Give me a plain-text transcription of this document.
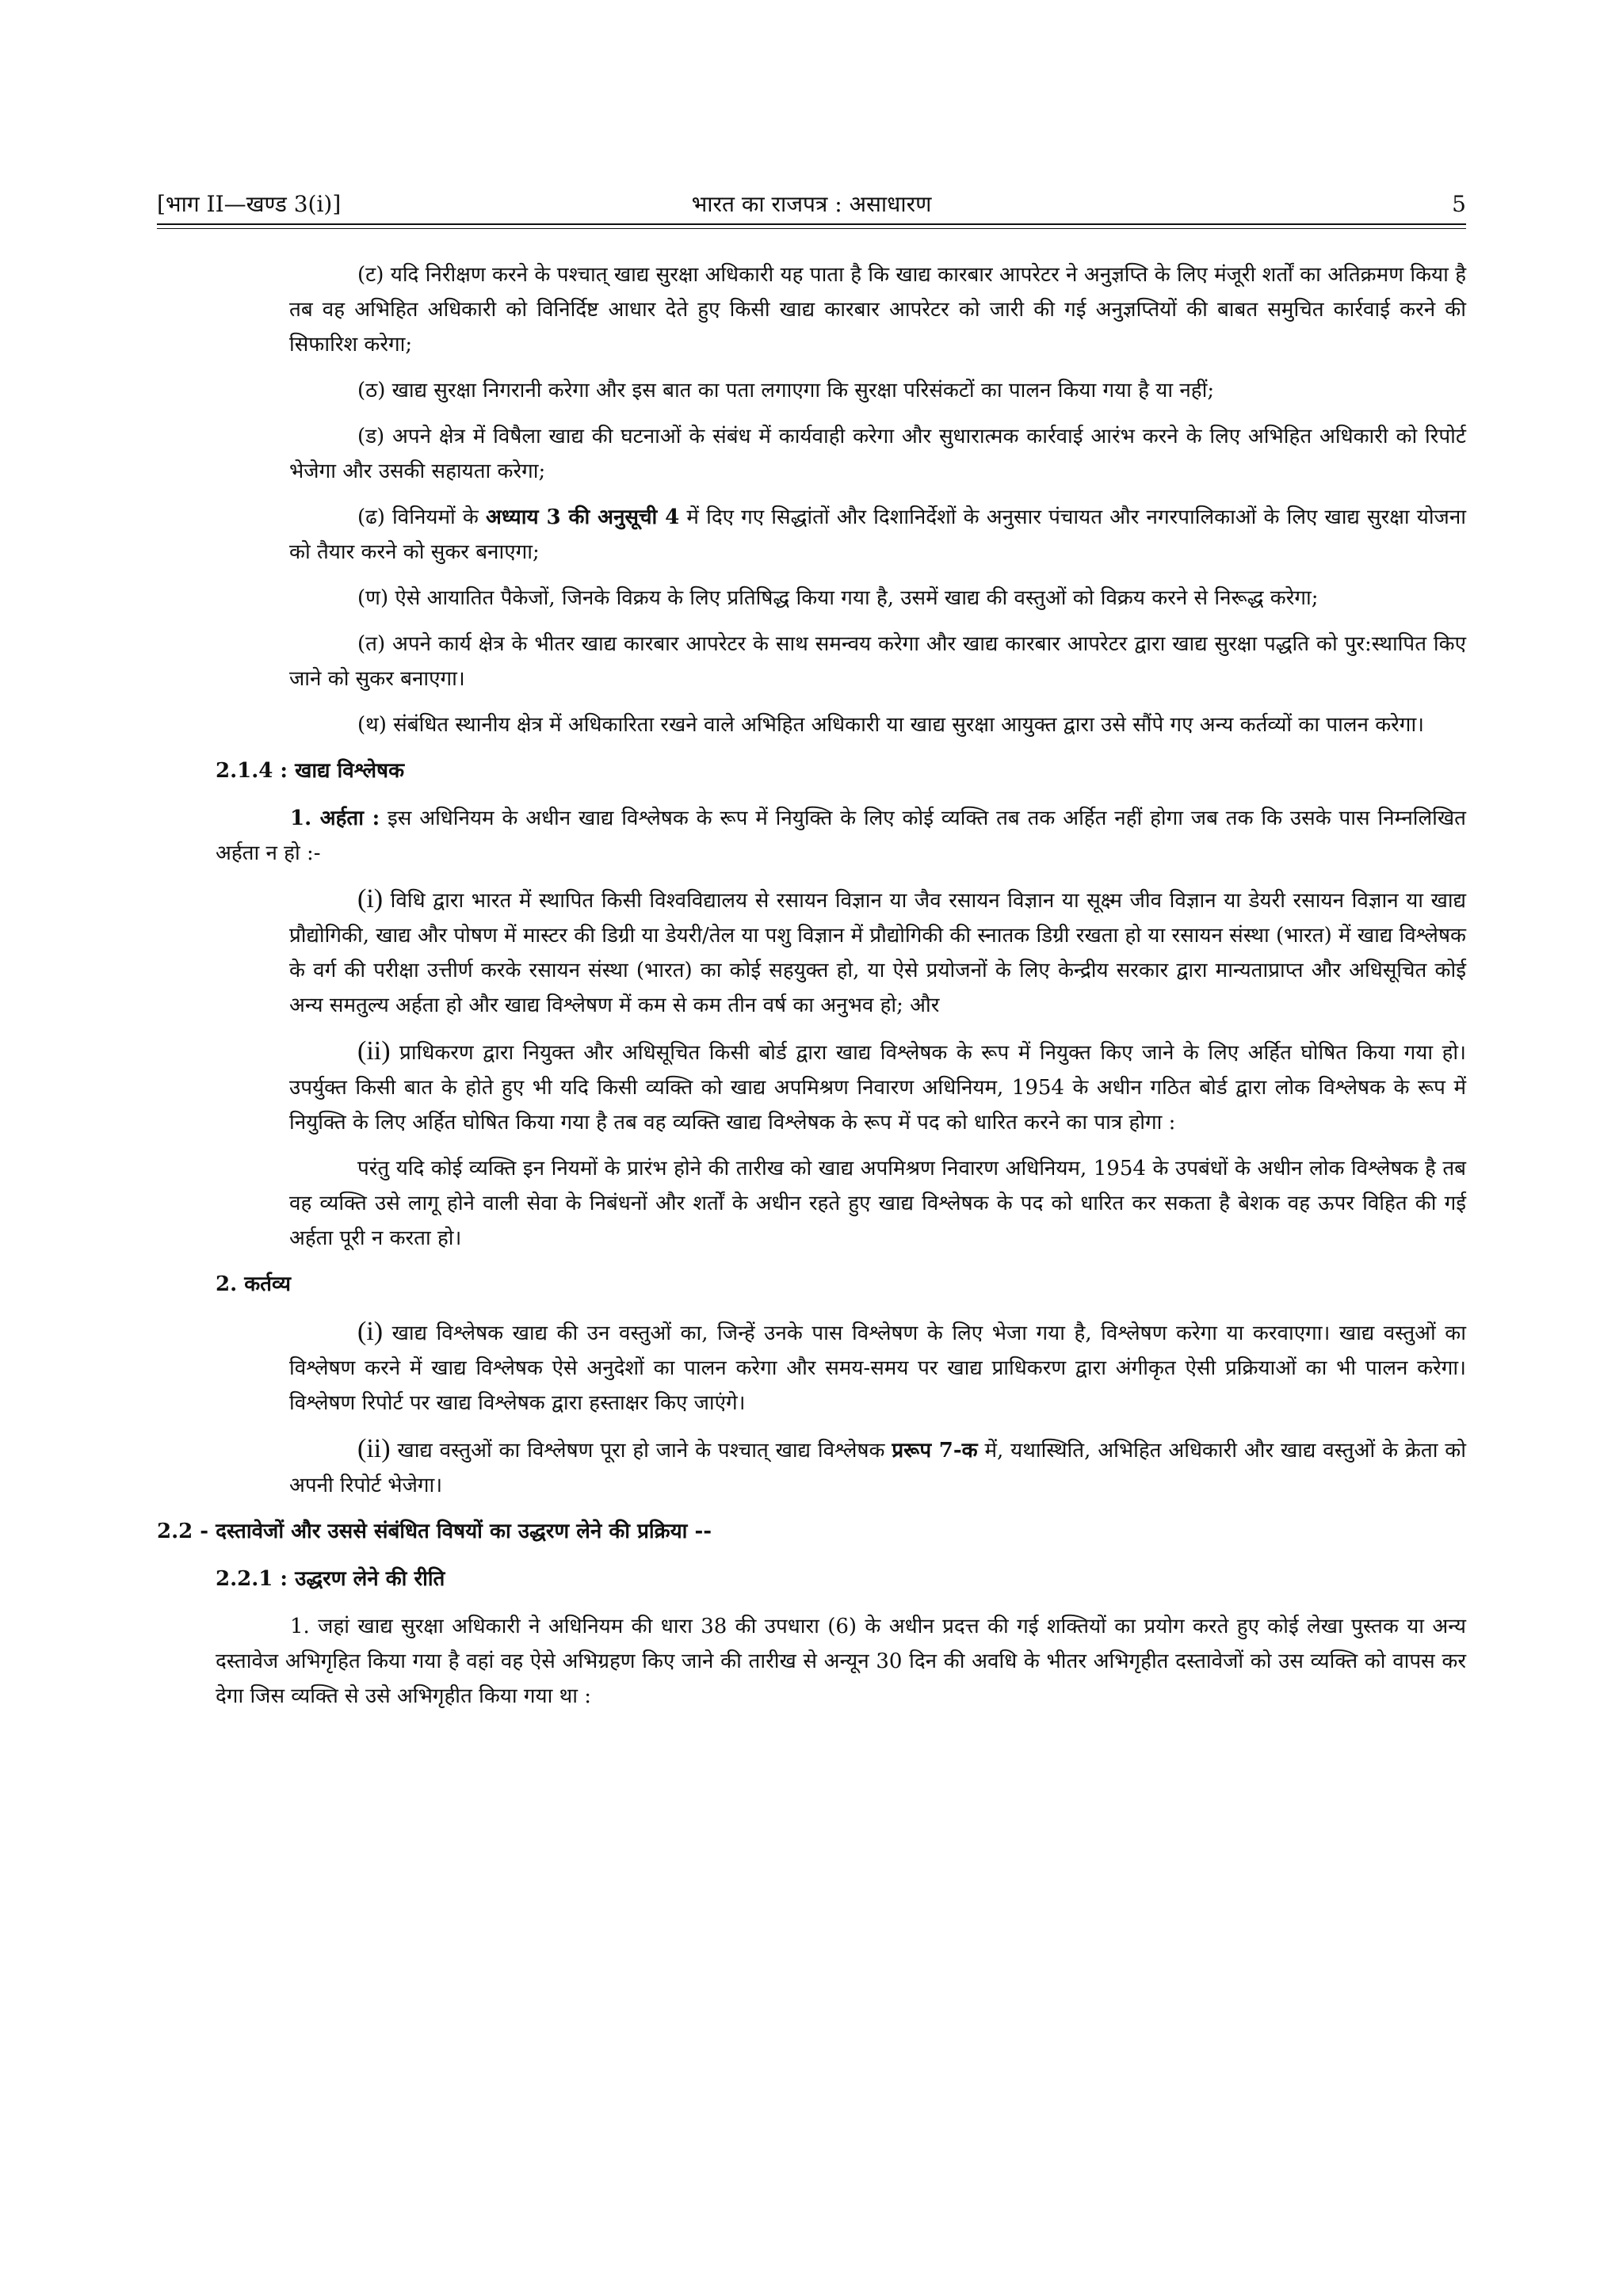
[भाग II—खण्ड 3(i)]	भारत का राजपत्र : असाधारण	5

(ट) यदि निरीक्षण करने के पश्चात् खाद्य सुरक्षा अधिकारी यह पाता है कि खाद्य कारबार आपरेटर ने अनुज्ञप्ति के लिए मंजूरी शर्तों का अतिक्रमण किया है तब वह अभिहित अधिकारी को विनिर्दिष्ट आधार देते हुए किसी खाद्य कारबार आपरेटर को जारी की गई अनुज्ञप्तियों की बाबत समुचित कार्रवाई करने की सिफारिश करेगा;

(ठ) खाद्य सुरक्षा निगरानी करेगा और इस बात का पता लगाएगा कि सुरक्षा परिसंकटों का पालन किया गया है या नहीं;

(ड) अपने क्षेत्र में विषैला खाद्य की घटनाओं के संबंध में कार्यवाही करेगा और सुधारात्मक कार्रवाई आरंभ करने के लिए अभिहित अधिकारी को रिपोर्ट भेजेगा और उसकी सहायता करेगा;

(ढ) विनियमों के अध्याय 3 की अनुसूची 4 में दिए गए सिद्धांतों और दिशानिर्देशों के अनुसार पंचायत और नगरपालिकाओं के लिए खाद्य सुरक्षा योजना को तैयार करने को सुकर बनाएगा;

(ण) ऐसे आयातित पैकेजों, जिनके विक्रय के लिए प्रतिषिद्ध किया गया है, उसमें खाद्य की वस्तुओं को विक्रय करने से निरूद्ध करेगा;

(त) अपने कार्य क्षेत्र के भीतर खाद्य कारबार आपरेटर के साथ समन्वय करेगा और खाद्य कारबार आपरेटर द्वारा खाद्य सुरक्षा पद्धति को पुर:स्थापित किए जाने को सुकर बनाएगा।

(थ) संबंधित स्थानीय क्षेत्र में अधिकारिता रखने वाले अभिहित अधिकारी या खाद्य सुरक्षा आयुक्त द्वारा उसे सौंपे गए अन्य कर्तव्यों का पालन करेगा।

2.1.4 : खाद्य विश्लेषक

1. अर्हता : इस अधिनियम के अधीन खाद्य विश्लेषक के रूप में नियुक्ति के लिए कोई व्यक्ति तब तक अर्हित नहीं होगा जब तक कि उसके पास निम्नलिखित अर्हता न हो :-

(i) विधि द्वारा भारत में स्थापित किसी विश्वविद्यालय से रसायन विज्ञान या जैव रसायन विज्ञान या सूक्ष्म जीव विज्ञान या डेयरी रसायन विज्ञान या खाद्य प्रौद्योगिकी, खाद्य और पोषण में मास्टर की डिग्री या डेयरी/तेल या पशु विज्ञान में प्रौद्योगिकी की स्नातक डिग्री रखता हो या रसायन संस्था (भारत) में खाद्य विश्लेषक के वर्ग की परीक्षा उत्तीर्ण करके रसायन संस्था (भारत) का कोई सहयुक्त हो, या ऐसे प्रयोजनों के लिए केन्द्रीय सरकार द्वारा मान्यताप्राप्त और अधिसूचित कोई अन्य समतुल्य अर्हता हो और खाद्य विश्लेषण में कम से कम तीन वर्ष का अनुभव हो; और

(ii) प्राधिकरण द्वारा नियुक्त और अधिसूचित किसी बोर्ड द्वारा खाद्य विश्लेषक के रूप में नियुक्त किए जाने के लिए अर्हित घोषित किया गया हो। उपर्युक्त किसी बात के होते हुए भी यदि किसी व्यक्ति को खाद्य अपमिश्रण निवारण अधिनियम, 1954 के अधीन गठित बोर्ड द्वारा लोक विश्लेषक के रूप में नियुक्ति के लिए अर्हित घोषित किया गया है तब वह व्यक्ति खाद्य विश्लेषक के रूप में पद को धारित करने का पात्र होगा :

परंतु यदि कोई व्यक्ति इन नियमों के प्रारंभ होने की तारीख को खाद्य अपमिश्रण निवारण अधिनियम, 1954 के उपबंधों के अधीन लोक विश्लेषक है तब वह व्यक्ति उसे लागू होने वाली सेवा के निबंधनों और शर्तों के अधीन रहते हुए खाद्य विश्लेषक के पद को धारित कर सकता है बेशक वह ऊपर विहित की गई अर्हता पूरी न करता हो।

2. कर्तव्य

(i) खाद्य विश्लेषक खाद्य की उन वस्तुओं का, जिन्हें उनके पास विश्लेषण के लिए भेजा गया है, विश्लेषण करेगा या करवाएगा। खाद्य वस्तुओं का विश्लेषण करने में खाद्य विश्लेषक ऐसे अनुदेशों का पालन करेगा और समय-समय पर खाद्य प्राधिकरण द्वारा अंगीकृत ऐसी प्रक्रियाओं का भी पालन करेगा। विश्लेषण रिपोर्ट पर खाद्य विश्लेषक द्वारा हस्ताक्षर किए जाएंगे।

(ii) खाद्य वस्तुओं का विश्लेषण पूरा हो जाने के पश्चात् खाद्य विश्लेषक प्ररूप 7-क में, यथास्थिति, अभिहित अधिकारी और खाद्य वस्तुओं के क्रेता को अपनी रिपोर्ट भेजेगा।

2.2 - दस्तावेजों और उससे संबंधित विषयों का उद्धरण लेने की प्रक्रिया --
2.2.1 : उद्धरण लेने की रीति

1. जहां खाद्य सुरक्षा अधिकारी ने अधिनियम की धारा 38 की उपधारा (6) के अधीन प्रदत्त की गई शक्तियों का प्रयोग करते हुए कोई लेखा पुस्तक या अन्य दस्तावेज अभिगृहित किया गया है वहां वह ऐसे अभिग्रहण किए जाने की तारीख से अन्यून 30 दिन की अवधि के भीतर अभिगृहीत दस्तावेजों को उस व्यक्ति को वापस कर देगा जिस व्यक्ति से उसे अभिगृहीत किया गया था :
